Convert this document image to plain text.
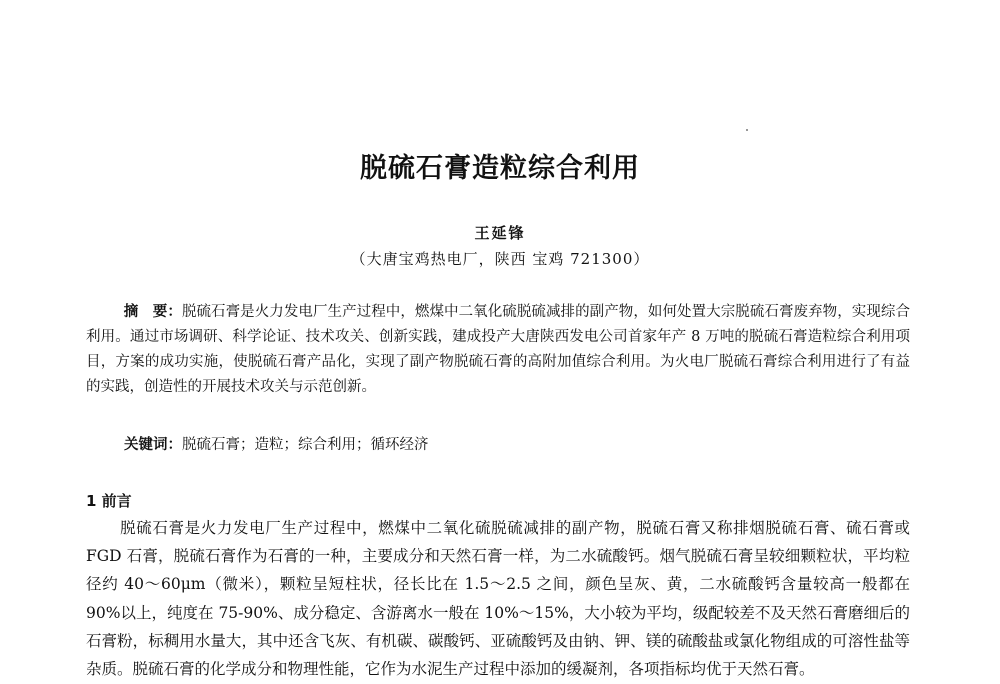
脱硫石膏造粒综合利用
王延锋
（大唐宝鸡热电厂，陕西 宝鸡 721300）
摘　要：脱硫石膏是火力发电厂生产过程中，燃煤中二氧化硫脱硫减排的副产物，如何处置大宗脱硫石膏废弃物，实现综合利用。通过市场调研、科学论证、技术攻关、创新实践，建成投产大唐陕西发电公司首家年产 8 万吨的脱硫石膏造粒综合利用项目，方案的成功实施，使脱硫石膏产品化，实现了副产物脱硫石膏的高附加值综合利用。为火电厂脱硫石膏综合利用进行了有益的实践，创造性的开展技术攻关与示范创新。
关键词：脱硫石膏；造粒；综合利用；循环经济
1 前言
脱硫石膏是火力发电厂生产过程中，燃煤中二氧化硫脱硫减排的副产物，脱硫石膏又称排烟脱硫石膏、硫石膏或 FGD 石膏，脱硫石膏作为石膏的一种，主要成分和天然石膏一样，为二水硫酸钙。烟气脱硫石膏呈较细颗粒状，平均粒径约 40～60μm（微米），颗粒呈短柱状，径长比在 1.5～2.5 之间，颜色呈灰、黄，二水硫酸钙含量较高一般都在 90%以上，纯度在 75-90%、成分稳定、含游离水一般在 10%～15%，大小较为平均，级配较差不及天然石膏磨细后的石膏粉，标稠用水量大，其中还含飞灰、有机碳、碳酸钙、亚硫酸钙及由钠、钾、镁的硫酸盐或氯化物组成的可溶性盐等杂质。脱硫石膏的化学成分和物理性能，它作为水泥生产过程中添加的缓凝剂，各项指标均优于天然石膏。
